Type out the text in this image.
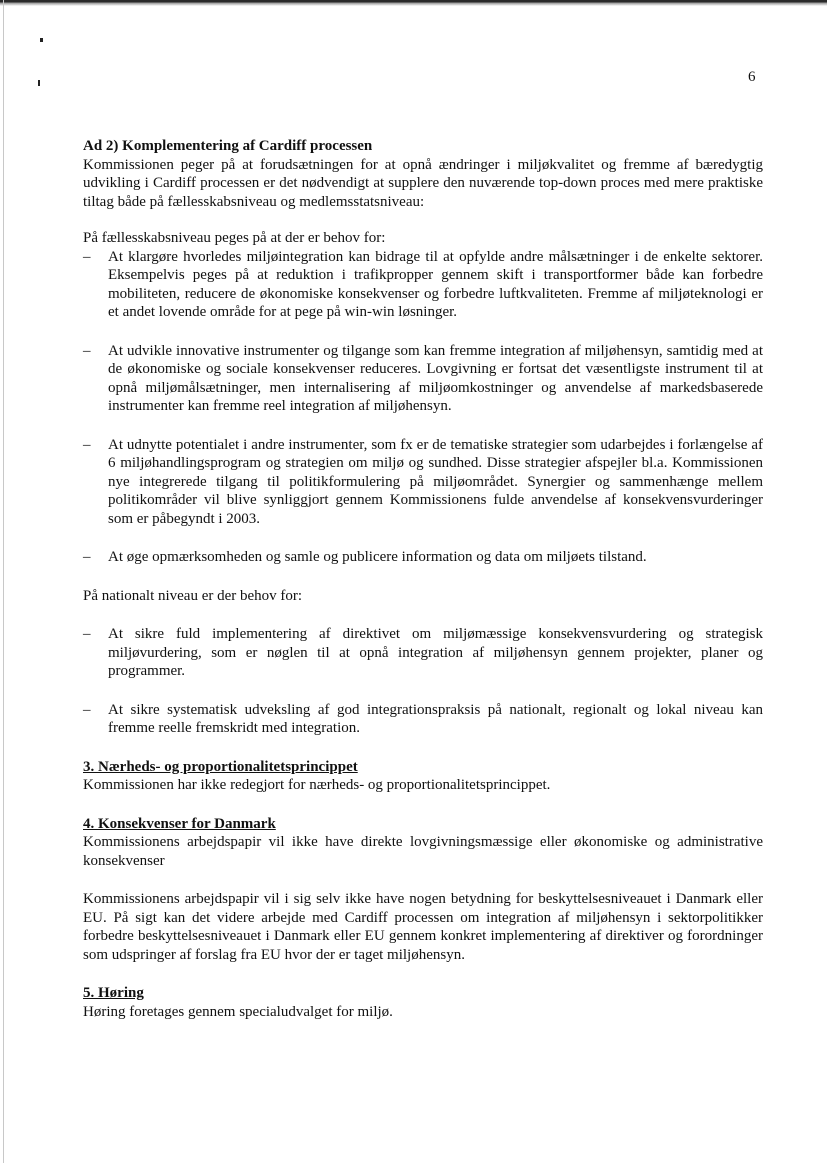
6

Ad 2) Komplementering af Cardiff processen

Kommissionen peger på at forudsætningen for at opnå ændringer i miljøkvalitet og fremme af bæredygtig udvikling i Cardiff processen er det nødvendigt at supplere den nuværende top-down proces med mere praktiske tiltag både på fællesskabsniveau og medlemsstatsniveau:

På fællesskabsniveau peges på at der er behov for:

–	At klargøre hvorledes miljøintegration kan bidrage til at opfylde andre målsætninger i de enkelte sektorer. Eksempelvis peges på at reduktion i trafikpropper gennem skift i transportformer både kan forbedre mobiliteten, reducere de økonomiske konsekvenser og forbedre luftkvaliteten. Fremme af miljøteknologi er et andet lovende område for at pege på win-win løsninger.
–	At udvikle innovative instrumenter og tilgange som kan fremme integration af miljøhensyn, samtidig med at de økonomiske og sociale konsekvenser reduceres. Lovgivning er fortsat det væsentligste instrument til at opnå miljømålsætninger, men internalisering af miljøomkostninger og anvendelse af markedsbaserede instrumenter kan fremme reel integration af miljøhensyn.
–	At udnytte potentialet i andre instrumenter, som fx er de tematiske strategier som udarbejdes i forlængelse af 6 miljøhandlingsprogram og strategien om miljø og sundhed. Disse strategier afspejler bl.a. Kommissionen nye integrerede tilgang til politikformulering på miljøområdet. Synergier og sammenhænge mellem politikområder vil blive synliggjort gennem Kommissionens fulde anvendelse af konsekvensvurderinger som er påbegyndt i 2003.
–	At øge opmærksomheden og samle og publicere information og data om miljøets tilstand.

På nationalt niveau er der behov for:

–	At sikre fuld implementering af direktivet om miljømæssige konsekvensvurdering og strategisk miljøvurdering, som er nøglen til at opnå integration af miljøhensyn gennem projekter, planer og programmer.
–	At sikre systematisk udveksling af god integrationspraksis på nationalt, regionalt og lokal niveau kan fremme reelle fremskridt med integration.

3. Nærheds- og proportionalitetsprincippet

Kommissionen har ikke redegjort for nærheds- og proportionalitetsprincippet.

4. Konsekvenser for Danmark

Kommissionens arbejdspapir vil ikke have direkte lovgivningsmæssige eller økonomiske og administrative konsekvenser

Kommissionens arbejdspapir vil i sig selv ikke have nogen betydning for beskyttelsesniveauet i Danmark eller EU. På sigt kan det videre arbejde med Cardiff processen om integration af miljøhensyn i sektorpolitikker forbedre beskyttelsesniveauet i Danmark eller EU gennem konkret implementering af direktiver og forordninger som udspringer af forslag fra EU hvor der er taget miljøhensyn.

5. Høring

Høring foretages gennem specialudvalget for miljø.
